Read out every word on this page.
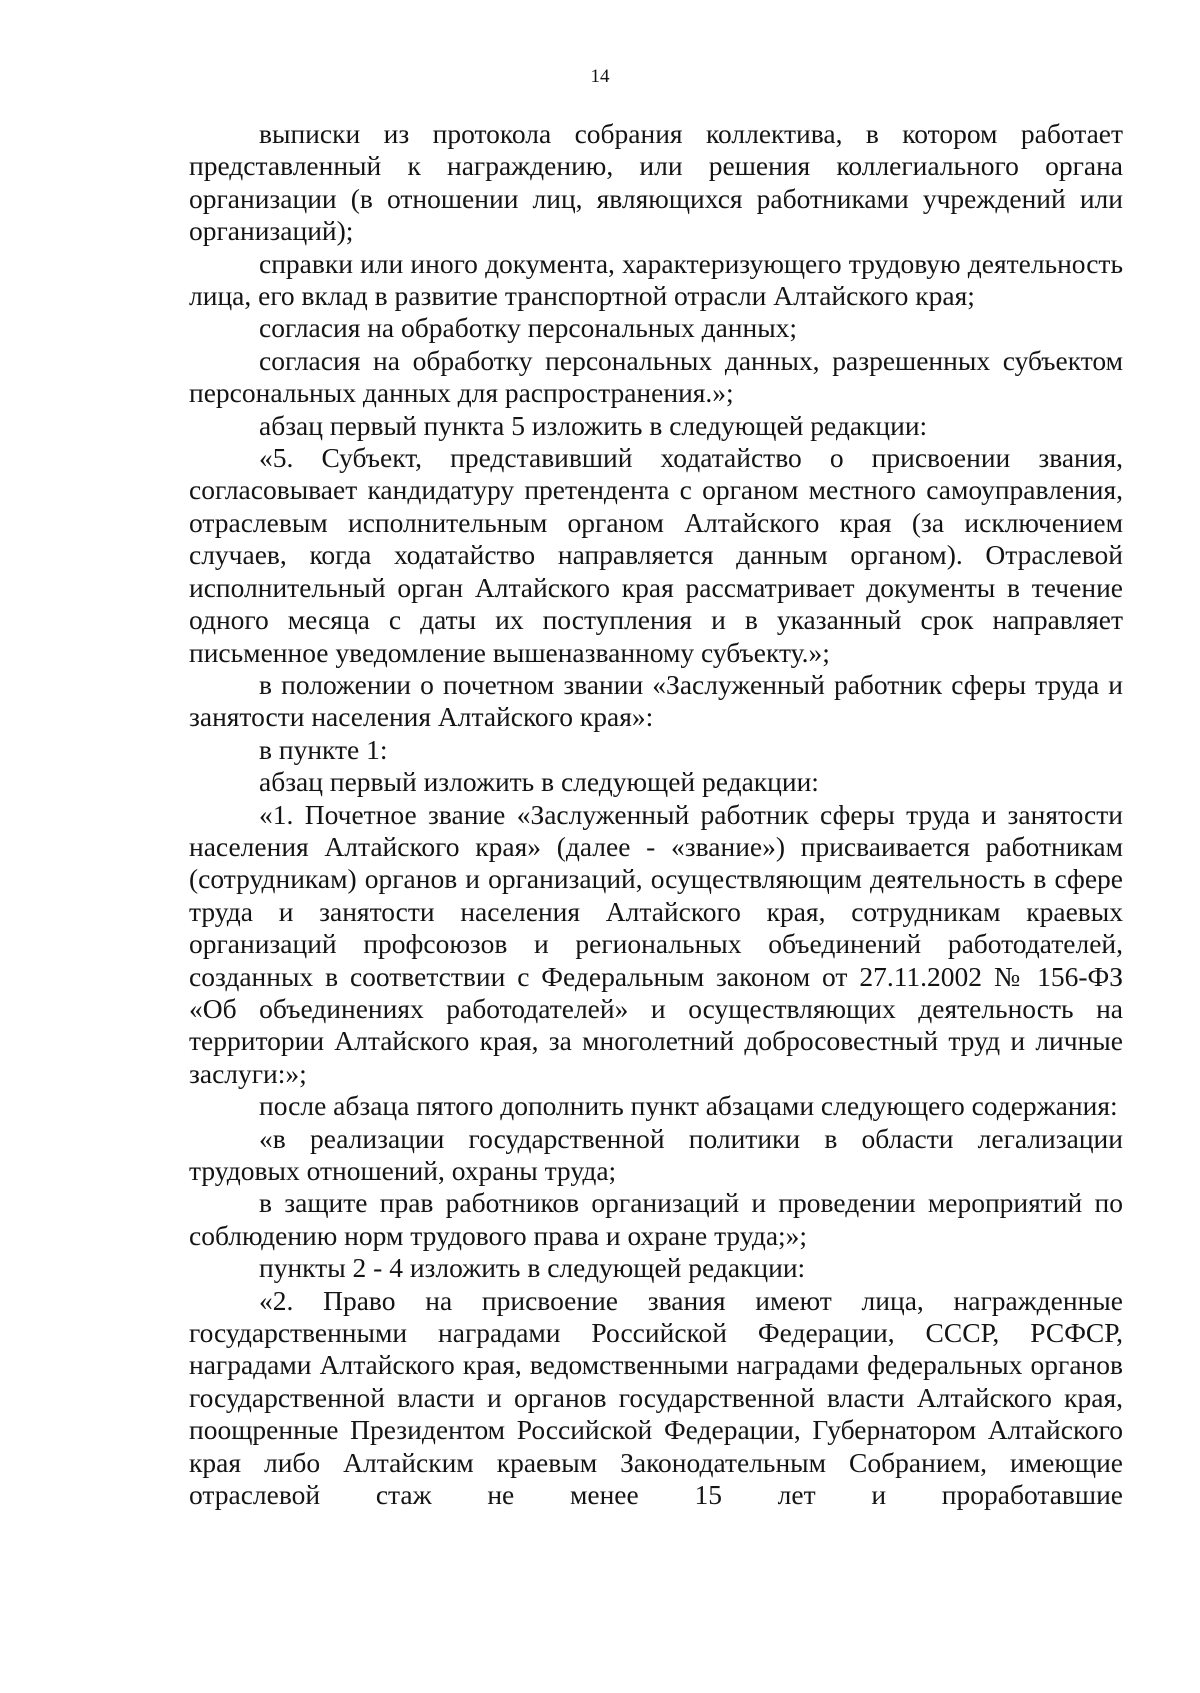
14

выписки из протокола собрания коллектива, в котором работает представленный к награждению, или решения коллегиального органа организации (в отношении лиц, являющихся работниками учреждений или организаций);

справки или иного документа, характеризующего трудовую деятельность лица, его вклад в развитие транспортной отрасли Алтайского края;

согласия на обработку персональных данных;

согласия на обработку персональных данных, разрешенных субъектом персональных данных для распространения.»;

абзац первый пункта 5 изложить в следующей редакции:

«5. Субъект, представивший ходатайство о присвоении звания, согласовывает кандидатуру претендента с органом местного самоуправления, отраслевым исполнительным органом Алтайского края (за исключением случаев, когда ходатайство направляется данным органом). Отраслевой исполнительный орган Алтайского края рассматривает документы в течение одного месяца с даты их поступления и в указанный срок направляет письменное уведомление вышеназванному субъекту.»;

в положении о почетном звании «Заслуженный работник сферы труда и занятости населения Алтайского края»:

в пункте 1:

абзац первый изложить в следующей редакции:

«1. Почетное звание «Заслуженный работник сферы труда и занятости населения Алтайского края» (далее - «звание») присваивается работникам (сотрудникам) органов и организаций, осуществляющим деятельность в сфере труда и занятости населения Алтайского края, сотрудникам краевых организаций профсоюзов и региональных объединений работодателей, созданных в соответствии с Федеральным законом от 27.11.2002 № 156-ФЗ «Об объединениях работодателей» и осуществляющих деятельность на территории Алтайского края, за многолетний добросовестный труд и личные заслуги:»;

после абзаца пятого дополнить пункт абзацами следующего содержания:

«в реализации государственной политики в области легализации трудовых отношений, охраны труда;

в защите прав работников организаций и проведении мероприятий по соблюдению норм трудового права и охране труда;»;

пункты 2 - 4 изложить в следующей редакции:

«2. Право на присвоение звания имеют лица, награжденные государственными наградами Российской Федерации, СССР, РСФСР, наградами Алтайского края, ведомственными наградами федеральных органов государственной власти и органов государственной власти Алтайского края, поощренные Президентом Российской Федерации, Губернатором Алтайского края либо Алтайским краевым Законодательным Собранием, имеющие отраслевой стаж не менее 15 лет и проработавшие
